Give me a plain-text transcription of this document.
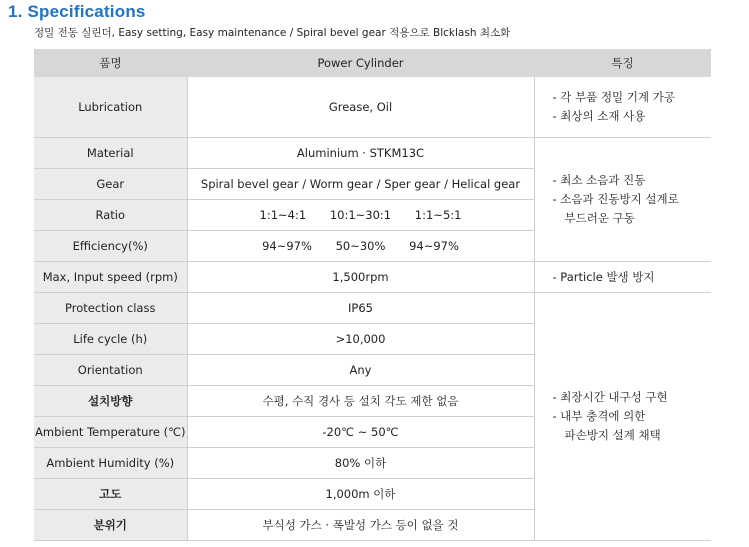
1. Specifications
정밀 전동 실린더, Easy setting, Easy maintenance / Spiral bevel gear 적용으로 Blcklash 최소화
품명	Power Cylinder	특징
Lubrication	Grease, Oil	- 각 부품 정밀 기계 가공
- 최상의 소재 사용

Material	Aluminium · STKM13C	- 최소 소음과 진동
- 소음과 진동방지 설계로
부드러운 구동

Gear	Spiral bevel gear / Worm gear / Sper gear / Helical gear	
Ratio	1:1~4:1 10:1~30:1 1:1~5:1	
Efficiency(%)	94~97% 50~30% 94~97%	
Max, Input speed (rpm)	1,500rpm	- Particle 발생 방지

Protection class	IP65	- 최장시간 내구성 구현
- 내부 충격에 의한
파손방지 설계 채택

Life cycle (h)	>10,000	
Orientation	Any	
설치방향	수평, 수직 경사 등 설치 각도 제한 없음	
Ambient Temperature (℃)	-20℃ ~ 50℃	
Ambient Humidity (%)	80% 이하	
고도	1,000m 이하	
분위기	부식성 가스 · 폭발성 가스 등이 없을 것	
